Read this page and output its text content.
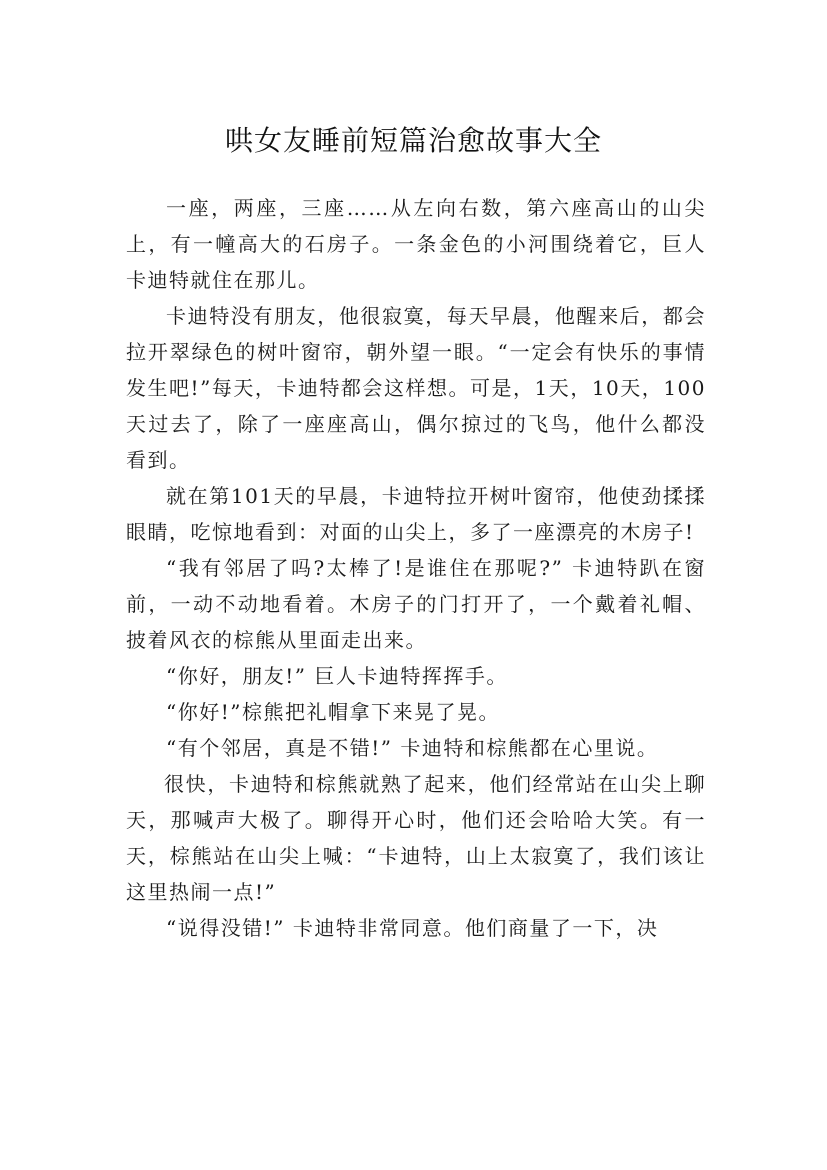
哄女友睡前短篇治愈故事大全

一座，两座，三座……从左向右数，第六座高山的山尖上，有一幢高大的石房子。一条金色的小河围绕着它，巨人卡迪特就住在那儿。

卡迪特没有朋友，他很寂寞，每天早晨，他醒来后，都会拉开翠绿色的树叶窗帘，朝外望一眼。“一定会有快乐的事情发生吧!”每天，卡迪特都会这样想。可是，1天，10天，100天过去了，除了一座座高山，偶尔掠过的飞鸟，他什么都没看到。

就在第101天的早晨，卡迪特拉开树叶窗帘，他使劲揉揉眼睛，吃惊地看到：对面的山尖上，多了一座漂亮的木房子!

“我有邻居了吗?太棒了!是谁住在那呢?” 卡迪特趴在窗前，一动不动地看着。木房子的门打开了，一个戴着礼帽、披着风衣的棕熊从里面走出来。

“你好，朋友!” 巨人卡迪特挥挥手。

“你好!”棕熊把礼帽拿下来晃了晃。

“有个邻居，真是不错!” 卡迪特和棕熊都在心里说。

很快，卡迪特和棕熊就熟了起来，他们经常站在山尖上聊天，那喊声大极了。聊得开心时，他们还会哈哈大笑。有一天，棕熊站在山尖上喊：“卡迪特，山上太寂寞了，我们该让这里热闹一点!”

“说得没错!” 卡迪特非常同意。他们商量了一下，决
